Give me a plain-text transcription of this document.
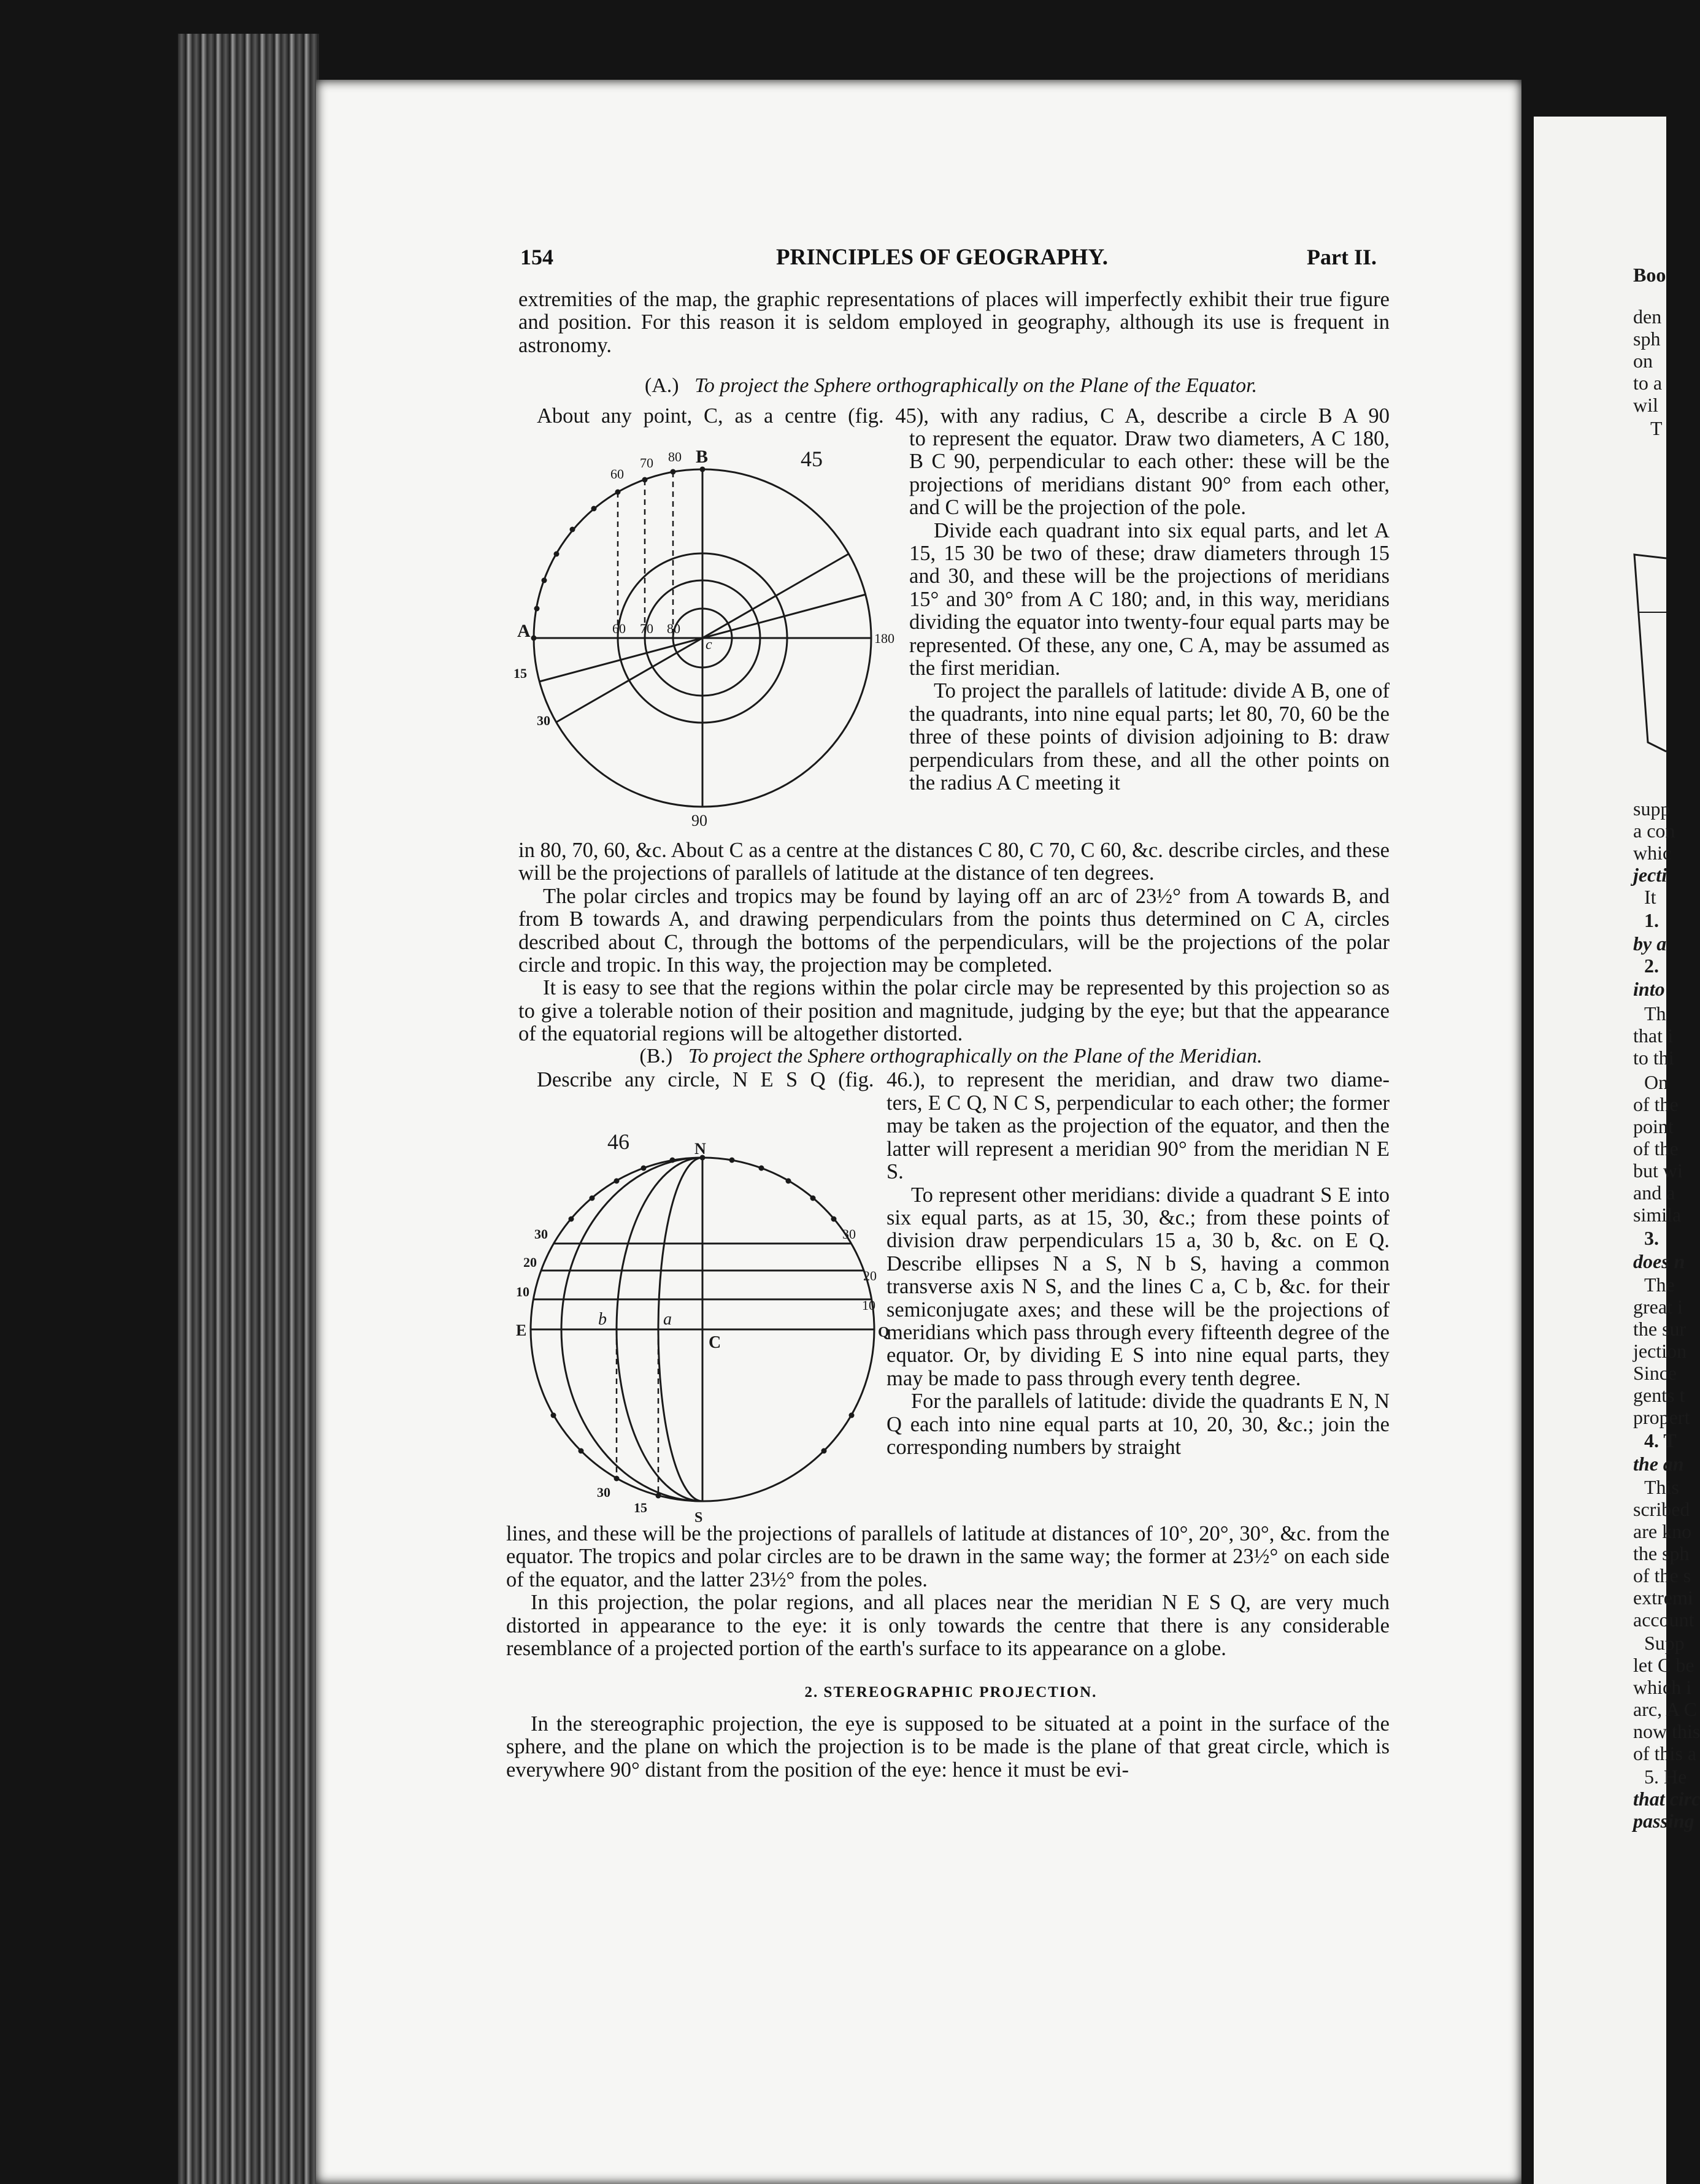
154	PRINCIPLES OF GEOGRAPHY.	Part II.

extremities of the map, the graphic representations of places will imperfectly exhibit their true figure and position. For this reason it is seldom employed in geography, although its use is frequent in astronomy.

(A.) To project the Sphere orthographically on the Plane of the Equator.

About any point, C, as a centre (fig. 45), with any radius, C A, describe a circle B A 90

45
B
80
70
60
A
15
30
180
90
c
60 70 80

to represent the equator. Draw two diameters, A C 180, B C 90, perpendicular to each other: these will be the projections of meridians distant 90° from each other, and C will be the projection of the pole.

Divide each quadrant into six equal parts, and let A 15, 15 30 be two of these; draw diameters through 15 and 30, and these will be the projections of meridians 15° and 30° from A C 180; and, in this way, meridians dividing the equator into twenty-four equal parts may be represented. Of these, any one, C A, may be assumed as the first meridian.

To project the parallels of latitude: divide A B, one of the quadrants, into nine equal parts; let 80, 70, 60 be the three of these points of division adjoining to B: draw perpendiculars from these, and all the other points on the radius A C meeting it

in 80, 70, 60, &c. About C as a centre at the distances C 80, C 70, C 60, &c. describe circles, and these will be the projections of parallels of latitude at the distance of ten degrees.

The polar circles and tropics may be found by laying off an arc of 23½° from A towards B, and from B towards A, and drawing perpendiculars from the points thus determined on C A, circles described about C, through the bottoms of the perpendiculars, will be the projections of the polar circle and tropic. In this way, the projection may be completed.

It is easy to see that the regions within the polar circle may be represented by this projection so as to give a tolerable notion of their position and magnitude, judging by the eye; but that the appearance of the equatorial regions will be altogether distorted.

(B.) To project the Sphere orthographically on the Plane of the Meridian.

Describe any circle, N E S Q (fig. 46.), to represent the meridian, and draw two diame-

46	N
E	Q
C
a
b
S
30
20
10
30
20
10
30
15

ters, E C Q, N C S, perpendicular to each other; the former may be taken as the projection of the equator, and then the latter will represent a meridian 90° from the meridian N E S.

To represent other meridians: divide a quadrant S E into six equal parts, as at 15, 30, &c.; from these points of division draw perpendiculars 15 a, 30 b, &c. on E Q. Describe ellipses N a S, N b S, having a common transverse axis N S, and the lines C a, C b, &c. for their semiconjugate axes; and these will be the projections of meridians which pass through every fifteenth degree of the equator. Or, by dividing E S into nine equal parts, they may be made to pass through every tenth degree.

For the parallels of latitude: divide the quadrants E N, N Q each into nine equal parts at 10, 20, 30, &c.; join the corresponding numbers by straight

lines, and these will be the projections of parallels of latitude at distances of 10°, 20°, 30°, &c. from the equator. The tropics and polar circles are to be drawn in the same way; the former at 23½° on each side of the equator, and the latter 23½° from the poles.

In this projection, the polar regions, and all places near the meridian N E S Q, are very much distorted in appearance to the eye: it is only towards the centre that there is any considerable resemblance of a projected portion of the earth's surface to its appearance on a globe.

2. STEREOGRAPHIC PROJECTION.

In the stereographic projection, the eye is supposed to be situated at a point in the surface of the sphere, and the plane on which the projection is to be made is the plane of that great circle, which is everywhere 90° distant from the position of the eye: hence it must be evi-

Boo
den
sph
on
to a
wil
T
supp
a con
whic
jecti
It
1.
by a
2.
into
Th
that i
to thi
On
of the
point
of the
but wi
and a
simila
3.
does n
The
great i
the sur
jection
Since
gents t
propert
4. T
the an
This
scribed
are kno
the sph
of the s
extremi
account
Supp
let C be
which i
arc, A C
now this
of this a
5. He
that circ
passing
